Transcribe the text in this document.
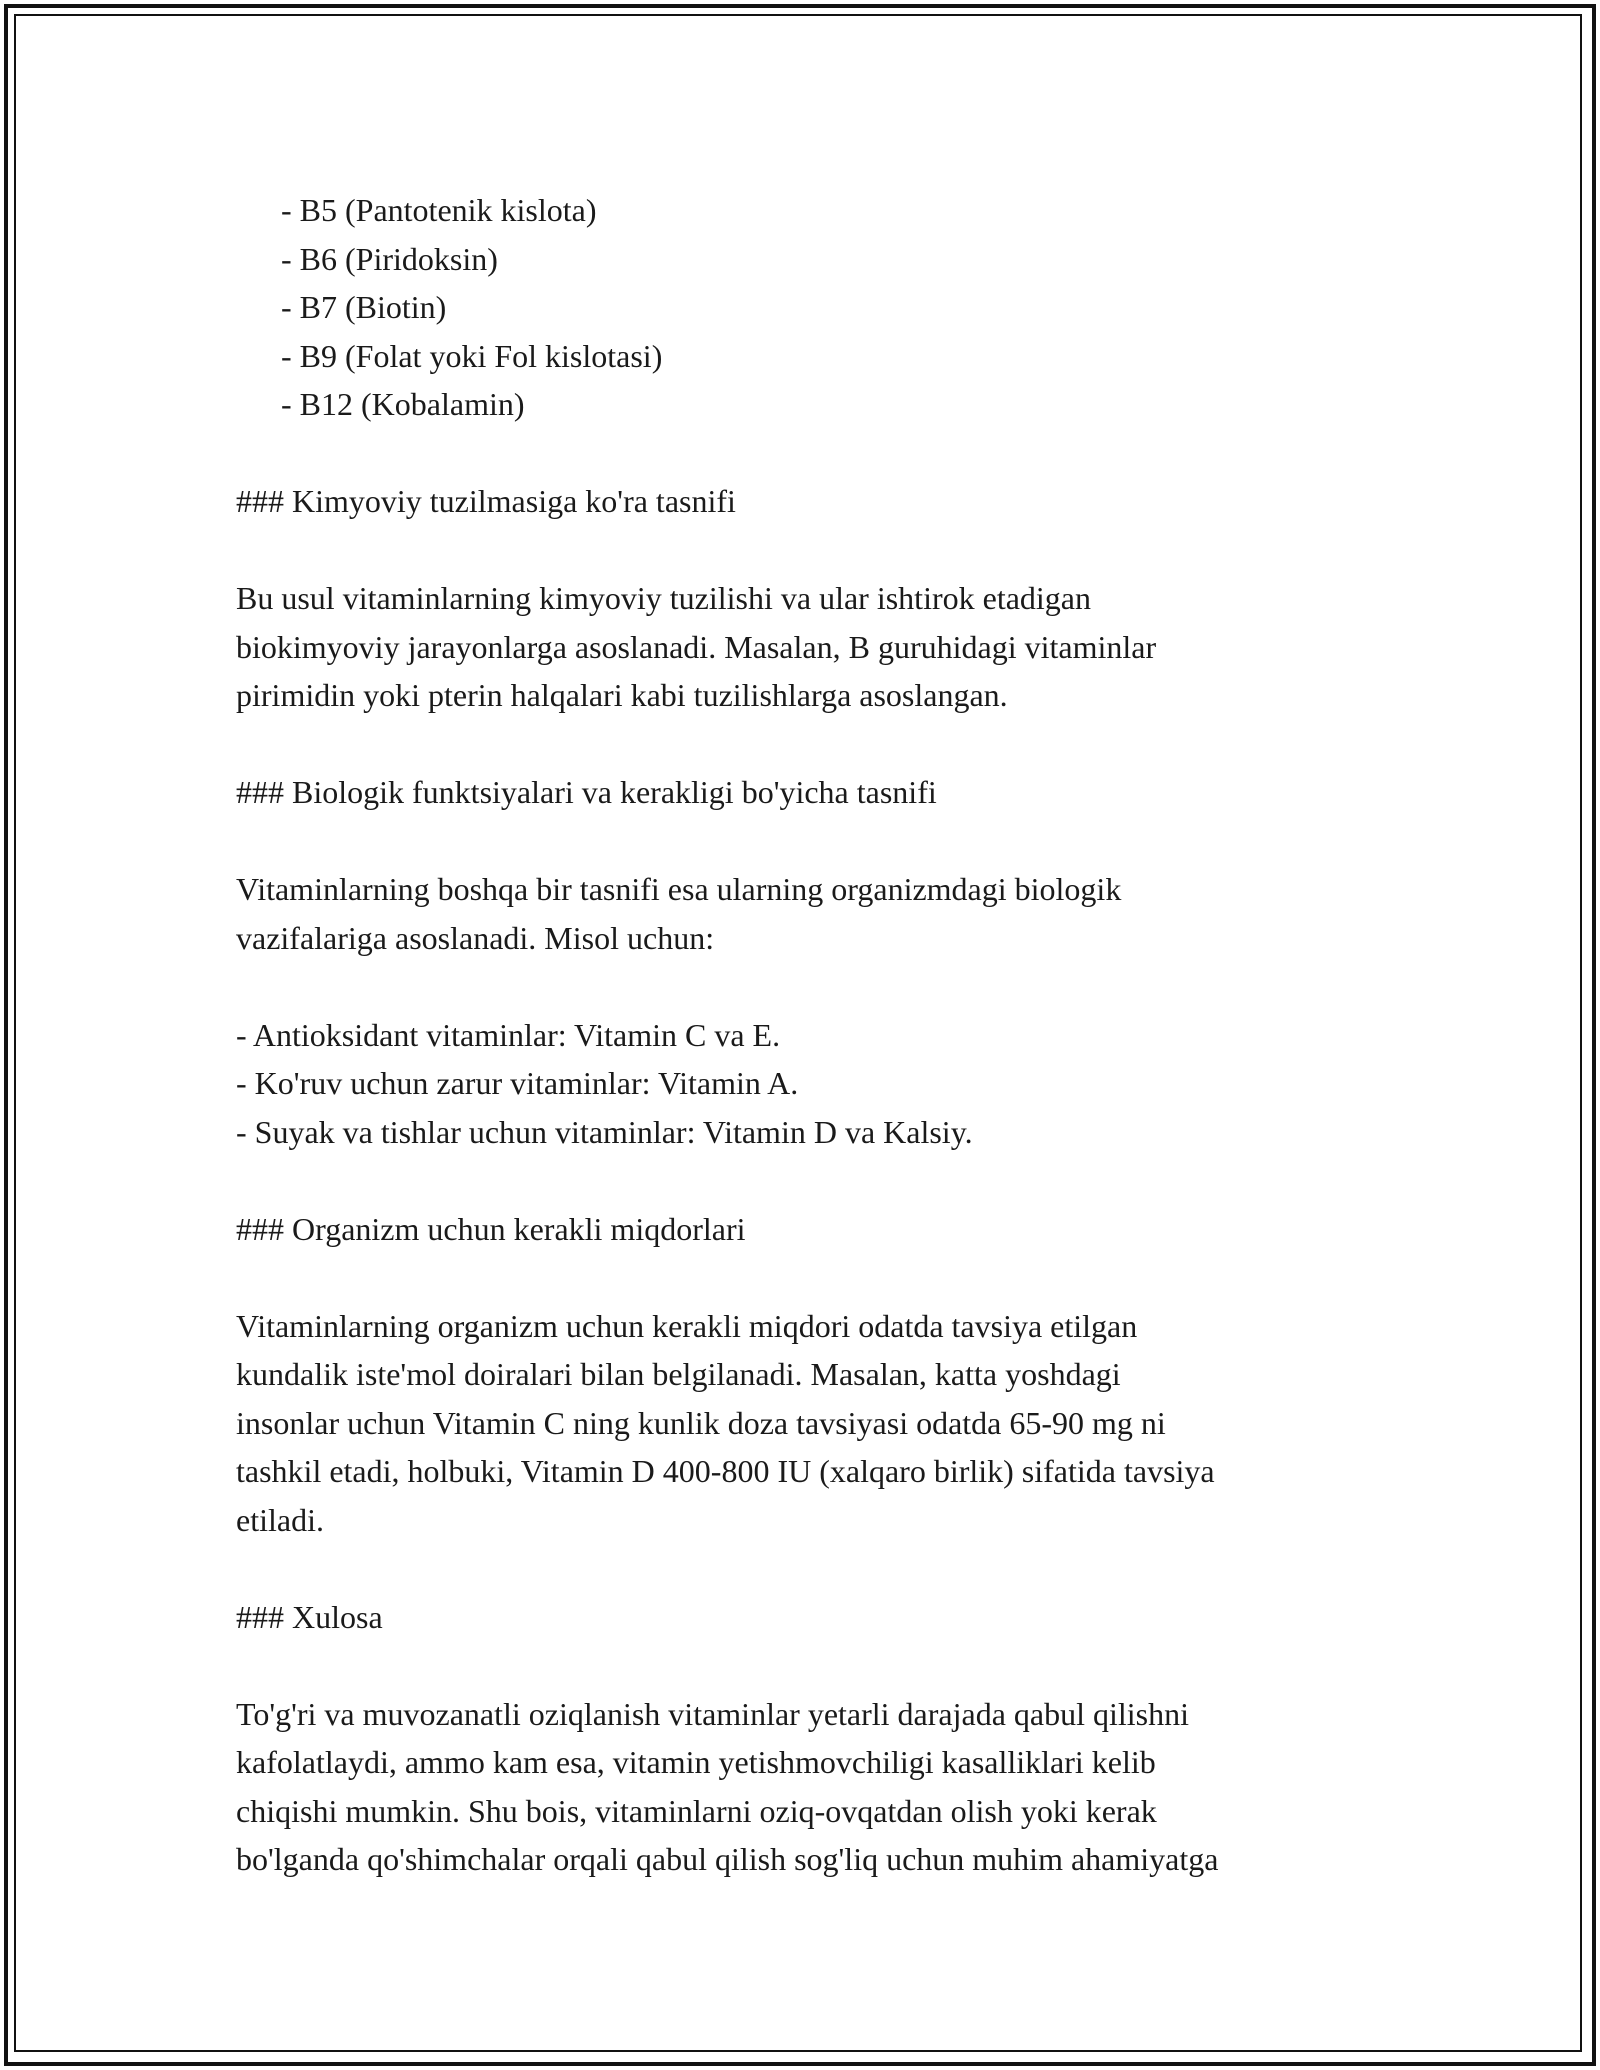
- B5 (Pantotenik kislota)

- B6 (Piridoksin)

- B7 (Biotin)

- B9 (Folat yoki Fol kislotasi)

- B12 (Kobalamin)

### Kimyoviy tuzilmasiga ko'ra tasnifi

Bu usul vitaminlarning kimyoviy tuzilishi va ular ishtirok etadigan

biokimyoviy jarayonlarga asoslanadi. Masalan, B guruhidagi vitaminlar

pirimidin yoki pterin halqalari kabi tuzilishlarga asoslangan.

### Biologik funktsiyalari va kerakligi bo'yicha tasnifi

Vitaminlarning boshqa bir tasnifi esa ularning organizmdagi biologik

vazifalariga asoslanadi. Misol uchun:

- Antioksidant vitaminlar: Vitamin C va E.

- Ko'ruv uchun zarur vitaminlar: Vitamin A.

- Suyak va tishlar uchun vitaminlar: Vitamin D va Kalsiy.

### Organizm uchun kerakli miqdorlari

Vitaminlarning organizm uchun kerakli miqdori odatda tavsiya etilgan

kundalik iste'mol doiralari bilan belgilanadi. Masalan, katta yoshdagi

insonlar uchun Vitamin C ning kunlik doza tavsiyasi odatda 65-90 mg ni

tashkil etadi, holbuki, Vitamin D 400-800 IU (xalqaro birlik) sifatida tavsiya

etiladi.

### Xulosa

To'g'ri va muvozanatli oziqlanish vitaminlar yetarli darajada qabul qilishni

kafolatlaydi, ammo kam esa, vitamin yetishmovchiligi kasalliklari kelib

chiqishi mumkin. Shu bois, vitaminlarni oziq-ovqatdan olish yoki kerak

bo'lganda qo'shimchalar orqali qabul qilish sog'liq uchun muhim ahamiyatga
